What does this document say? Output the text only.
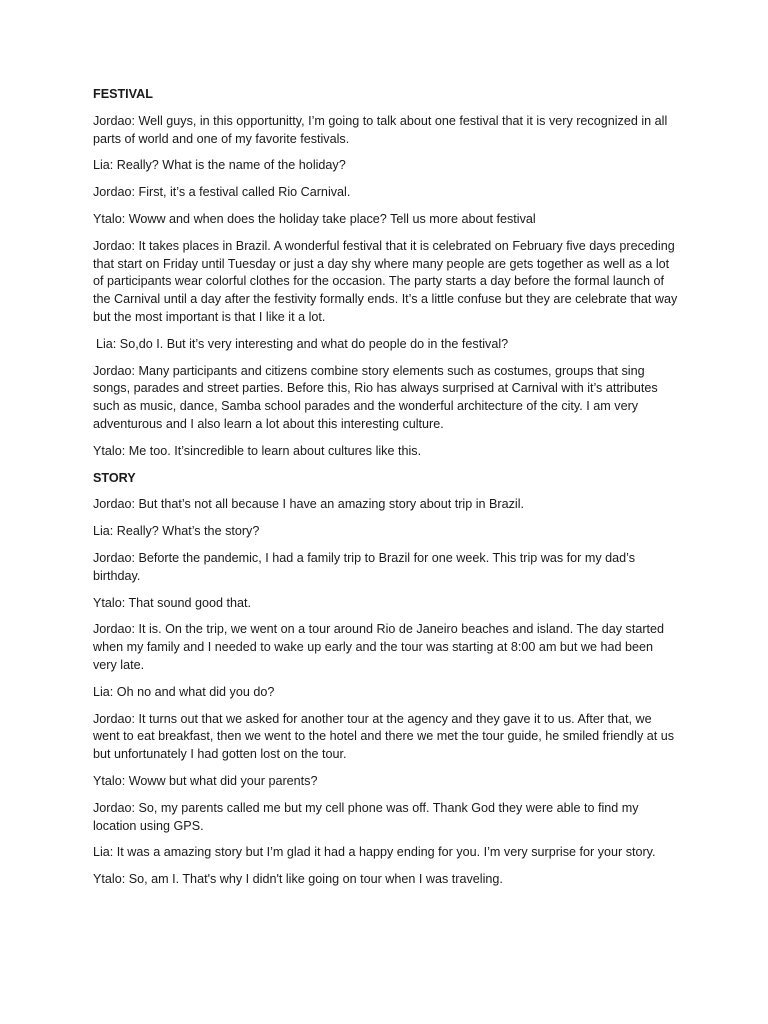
FESTIVAL

Jordao: Well guys, in this opportunitty, I’m going to talk about one festival that it is very recognized in all parts of world and one of my favorite festivals.

Lia: Really? What is the name of the holiday?

Jordao: First, it’s a festival called Rio Carnival.

Ytalo: Woww and when does the holiday take place? Tell us more about festival

Jordao: It takes places in Brazil. A wonderful festival that it is celebrated on February five days preceding that start on Friday until Tuesday or just a day shy where many people are gets together as well as a lot of participants wear colorful clothes for the occasion. The party starts a day before the formal launch of the Carnival until a day after the festivity formally ends. It’s a little confuse but they are celebrate that way but the most important is that I like it a lot.

Lia: So,do I. But it’s very interesting and what do people do in the festival?

Jordao: Many participants and citizens combine story elements such as costumes, groups that sing songs, parades and street parties. Before this, Rio has always surprised at Carnival with it’s attributes such as music, dance, Samba school parades and the wonderful architecture of the city. I am very adventurous and I also learn a lot about this interesting culture.

Ytalo: Me too. It’sincredible to learn about cultures like this.

STORY

Jordao: But that’s not all because I have an amazing story about trip in Brazil.

Lia: Really? What’s the story?

Jordao: Beforte the pandemic, I had a family trip to Brazil for one week. This trip was for my dad’s birthday.

Ytalo: That sound good that.

Jordao: It is. On the trip, we went on a tour around Rio de Janeiro beaches and island. The day started when my family and I needed to wake up early and the tour was starting at 8:00 am but we had been very late.

Lia: Oh no and what did you do?

Jordao: It turns out that we asked for another tour at the agency and they gave it to us. After that, we went to eat breakfast, then we went to the hotel and there we met the tour guide, he smiled friendly at us but unfortunately I had gotten lost on the tour.

Ytalo: Woww but what did your parents?

Jordao: So, my parents called me but my cell phone was off. Thank God they were able to find my location using GPS.

Lia: It was a amazing story but I’m glad it had a happy ending for you. I’m very surprise for your story.

Ytalo: So, am I. That's why I didn't like going on tour when I was traveling.
